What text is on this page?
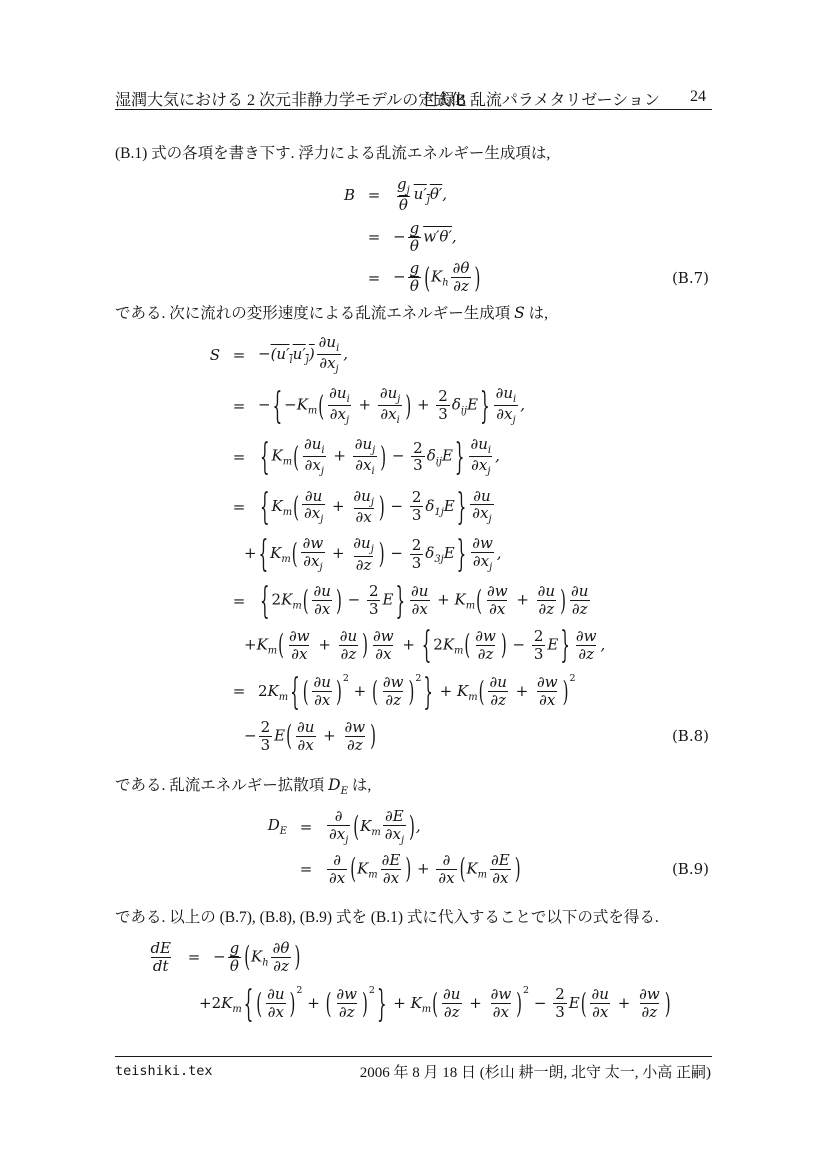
湿潤大気における 2 次元非静力学モデルの定式化
付録B 乱流パラメタリゼーション 24
(B.1) 式の各項を書き下す. 浮力による乱流エネルギー生成項は,
である. 次に流れの変形速度による乱流エネルギー生成項 S は,
である. 乱流エネルギー拡散項 $D_E$ は,
である. 以上の (B.7), (B.8), (B.9) 式を (B.1) 式に代入することで以下の式を得る.
$B = \frac{g_j}{\theta} u'_j\theta'$,
= − $\frac{g}{\theta} w'\theta'$,
= − $\frac{g}{\theta} (K_h \frac{\partial\theta}{\partial z}$ )	(B.7)
$S = -(u'_iu'_j) \frac{\partial u_i}{\partial x_j}$ ,
= − { $-K_m( \frac{\partial u_i}{\partial x_j} + \frac{\partial u_j}{\partial x_i}$ ) + $\frac{2}{3} \delta_{ij}E$ } $\frac{\partial u_i}{\partial x_j}$ ,
= { $K_m( \frac{\partial u_i}{\partial x_j} + \frac{\partial u_j}{\partial x_i}$ ) − $\frac{2}{3} \delta_{ij}E$ } $\frac{\partial u_i}{\partial x_j}$ ,
= { $K_m( \frac{\partial u}{\partial x_j} + \frac{\partial u_j}{\partial x}$ ) − $\frac{2}{3} \delta_{1j}E$ } $\frac{\partial u}{\partial x_j}$
+ { $K_m( \frac{\partial w}{\partial x_j} + \frac{\partial u_j}{\partial z}$ ) − $\frac{2}{3} \delta_{3j}E$ } $\frac{\partial w}{\partial x_j}$ ,
= { $2K_m( \frac{\partial u}{\partial x}$ ) − $\frac{2}{3}$ E } $\frac{\partial u}{\partial x} + K_m( \frac{\partial w}{\partial x} + \frac{\partial u}{\partial z}$ ) $\frac{\partial u}{\partial z}$
$+K_m( \frac{\partial w}{\partial x} + \frac{\partial u}{\partial z}$ ) $\frac{\partial w}{\partial x}$ + { $2K_m( \frac{\partial w}{\partial z}$ ) − $\frac{2}{3}$ E } $\frac{\partial w}{\partial z}$ ,
= $2K_m$ { ( $\frac{\partial u}{\partial x} )^2$ + ( $\frac{\partial w}{\partial z} )^2$ } + $K_m( \frac{\partial u}{\partial z} + \frac{\partial w}{\partial x} )^2$
− $\frac{2}{3} E( \frac{\partial u}{\partial x} + \frac{\partial w}{\partial z}$ )	(B.8)
$D_E$ =
∂
$\partial x_j$ ($K_m \frac{\partial E}{\partial x_j}$ ),
=
∂
∂x ($K_m \frac{\partial E}{\partial x}$ ) + ∂
∂x ($K_m \frac{\partial E}{\partial x}$ )	(B.9)
$\frac{dE}{dt}$ = − $\frac{g}{\theta} (K_h \frac{\partial\theta}{\partial z}$ )
$+2K_m$ { ( $\frac{\partial u}{\partial x} )^2$ + ( $\frac{\partial w}{\partial z} )^2$ } + $K_m( \frac{\partial u}{\partial z} + \frac{\partial w}{\partial x} )^2 - \frac{2}{3} E( \frac{\partial u}{\partial x} + \frac{\partial w}{\partial z}$ )
teishiki.tex	2006 年 8 月 18 日 (杉山 耕一朗, 北守 太一, 小高 正嗣)
